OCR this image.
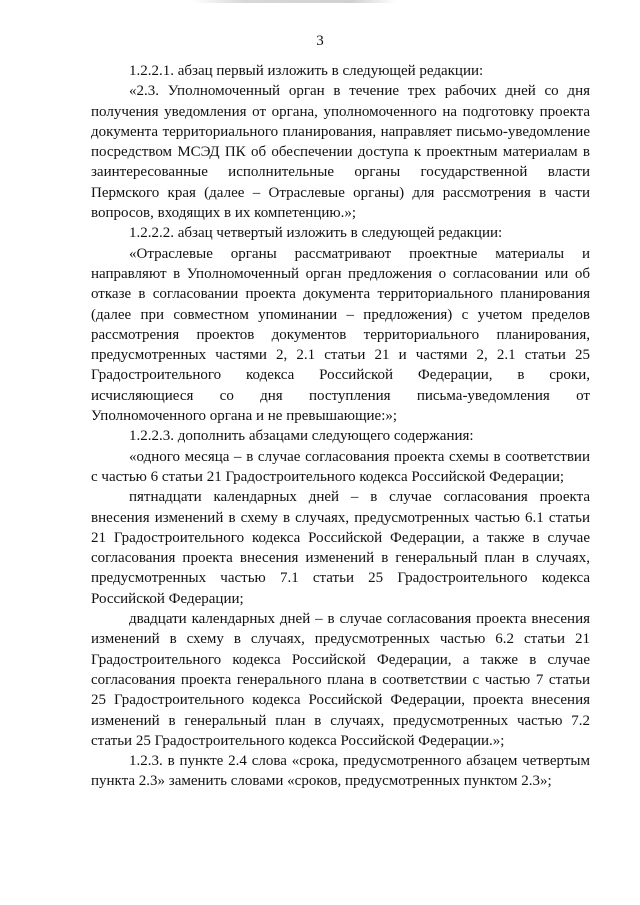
3

1.2.2.1. абзац первый изложить в следующей редакции:

«2.3. Уполномоченный орган в течение трех рабочих дней со дня получения уведомления от органа, уполномоченного на подготовку проекта документа территориального планирования, направляет письмо-уведомление посредством МСЭД ПК об обеспечении доступа к проектным материалам в заинтересованные исполнительные органы государственной власти Пермского края (далее – Отраслевые органы) для рассмотрения в части вопросов, входящих в их компетенцию.»;

1.2.2.2. абзац четвертый изложить в следующей редакции:

«Отраслевые органы рассматривают проектные материалы и направляют в Уполномоченный орган предложения о согласовании или об отказе в согласовании проекта документа территориального планирования (далее при совместном упоминании – предложения) с учетом пределов рассмотрения проектов документов территориального планирования, предусмотренных частями 2, 2.1 статьи 21 и частями 2, 2.1 статьи 25 Градостроительного кодекса Российской Федерации, в сроки, исчисляющиеся со дня поступления письма-уведомления от Уполномоченного органа и не превышающие:»;

1.2.2.3. дополнить абзацами следующего содержания:

«одного месяца – в случае согласования проекта схемы в соответствии с частью 6 статьи 21 Градостроительного кодекса Российской Федерации;

пятнадцати календарных дней – в случае согласования проекта внесения изменений в схему в случаях, предусмотренных частью 6.1 статьи 21 Градостроительного кодекса Российской Федерации, а также в случае согласования проекта внесения изменений в генеральный план в случаях, предусмотренных частью 7.1 статьи 25 Градостроительного кодекса Российской Федерации;

двадцати календарных дней – в случае согласования проекта внесения изменений в схему в случаях, предусмотренных частью 6.2 статьи 21 Градостроительного кодекса Российской Федерации, а также в случае согласования проекта генерального плана в соответствии с частью 7 статьи 25 Градостроительного кодекса Российской Федерации, проекта внесения изменений в генеральный план в случаях, предусмотренных частью 7.2 статьи 25 Градостроительного кодекса Российской Федерации.»;

1.2.3. в пункте 2.4 слова «срока, предусмотренного абзацем четвертым пункта 2.3» заменить словами «сроков, предусмотренных пунктом 2.3»;
